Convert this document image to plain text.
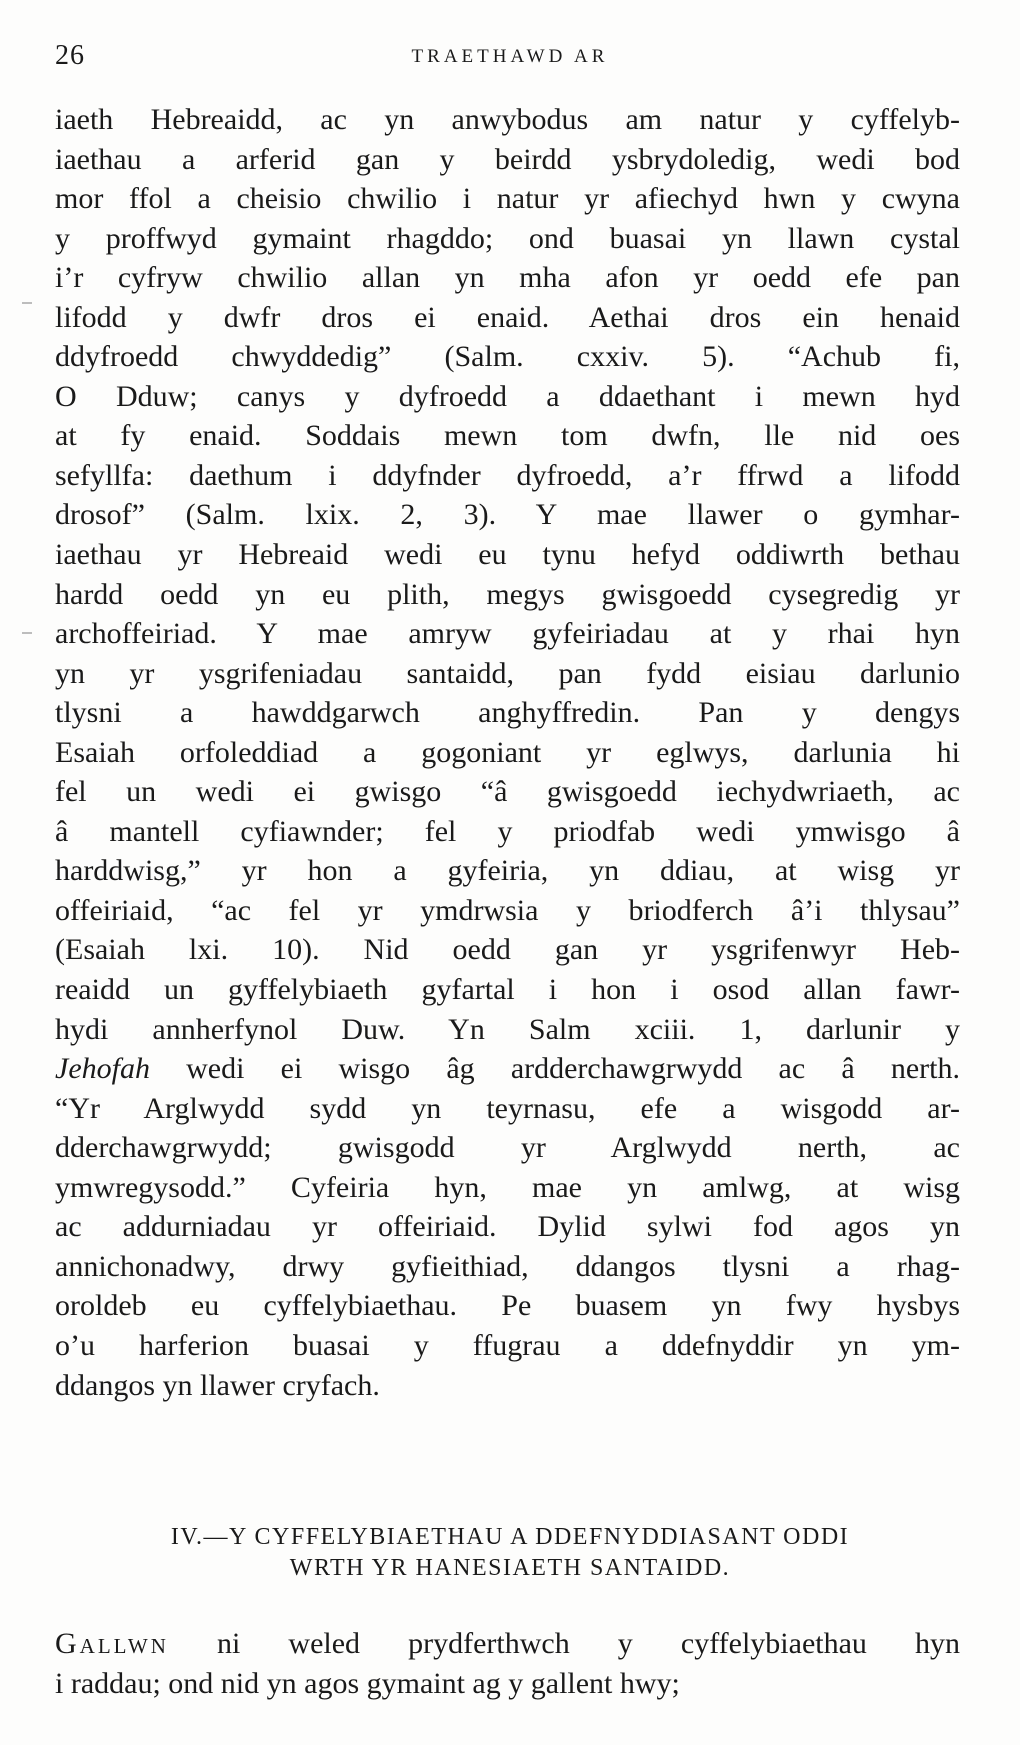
26	TRAETHAWD AR
iaeth Hebreaidd, ac yn anwybodus am natur y cyffelyb-
iaethau a arferid gan y beirdd ysbrydoledig, wedi bod
mor ffol a cheisio chwilio i natur yr afiechyd hwn y cwyna
y proffwyd gymaint rhagddo; ond buasai yn llawn cystal
i’r cyfryw chwilio allan yn mha afon yr oedd efe pan
lifodd y dwfr dros ei enaid. Aethai dros ein henaid
ddyfroedd chwyddedig” (Salm. cxxiv. 5). “Achub fi,
O Dduw; canys y dyfroedd a ddaethant i mewn hyd
at fy enaid. Soddais mewn tom dwfn, lle nid oes
sefyllfa: daethum i ddyfnder dyfroedd, a’r ffrwd a lifodd
drosof” (Salm. lxix. 2, 3). Y mae llawer o gymhar-
iaethau yr Hebreaid wedi eu tynu hefyd oddiwrth bethau
hardd oedd yn eu plith, megys gwisgoedd cysegredig yr
archoffeiriad. Y mae amryw gyfeiriadau at y rhai hyn
yn yr ysgrifeniadau santaidd, pan fydd eisiau darlunio
tlysni a hawddgarwch anghyffredin. Pan y dengys
Esaiah orfoleddiad a gogoniant yr eglwys, darlunia hi
fel un wedi ei gwisgo “â gwisgoedd iechydwriaeth, ac
â mantell cyfiawnder; fel y priodfab wedi ymwisgo â
harddwisg,” yr hon a gyfeiria, yn ddiau, at wisg yr
offeiriaid, “ac fel yr ymdrwsia y briodferch â’i thlysau”
(Esaiah lxi. 10). Nid oedd gan yr ysgrifenwyr Heb-
reaidd un gyffelybiaeth gyfartal i hon i osod allan fawr-
hydi annherfynol Duw. Yn Salm xciii. 1, darlunir y
Jehofah wedi ei wisgo âg ardderchawgrwydd ac â nerth.
“Yr Arglwydd sydd yn teyrnasu, efe a wisgodd ar-
dderchawgrwydd; gwisgodd yr Arglwydd nerth, ac
ymwregysodd.” Cyfeiria hyn, mae yn amlwg, at wisg
ac addurniadau yr offeiriaid. Dylid sylwi fod agos yn
annichonadwy, drwy gyfieithiad, ddangos tlysni a rhag-
oroldeb eu cyffelybiaethau. Pe buasem yn fwy hysbys
o’u harferion buasai y ffugrau a ddefnyddir yn ym-
ddangos yn llawer cryfach.
IV.—Y CYFFELYBIAETHAU A DDEFNYDDIASANT ODDI
WRTH YR HANESIAETH SANTAIDD.
Gallwn ni weled prydferthwch y cyffelybiaethau hyn
i raddau; ond nid yn agos gymaint ag y gallent hwy;
